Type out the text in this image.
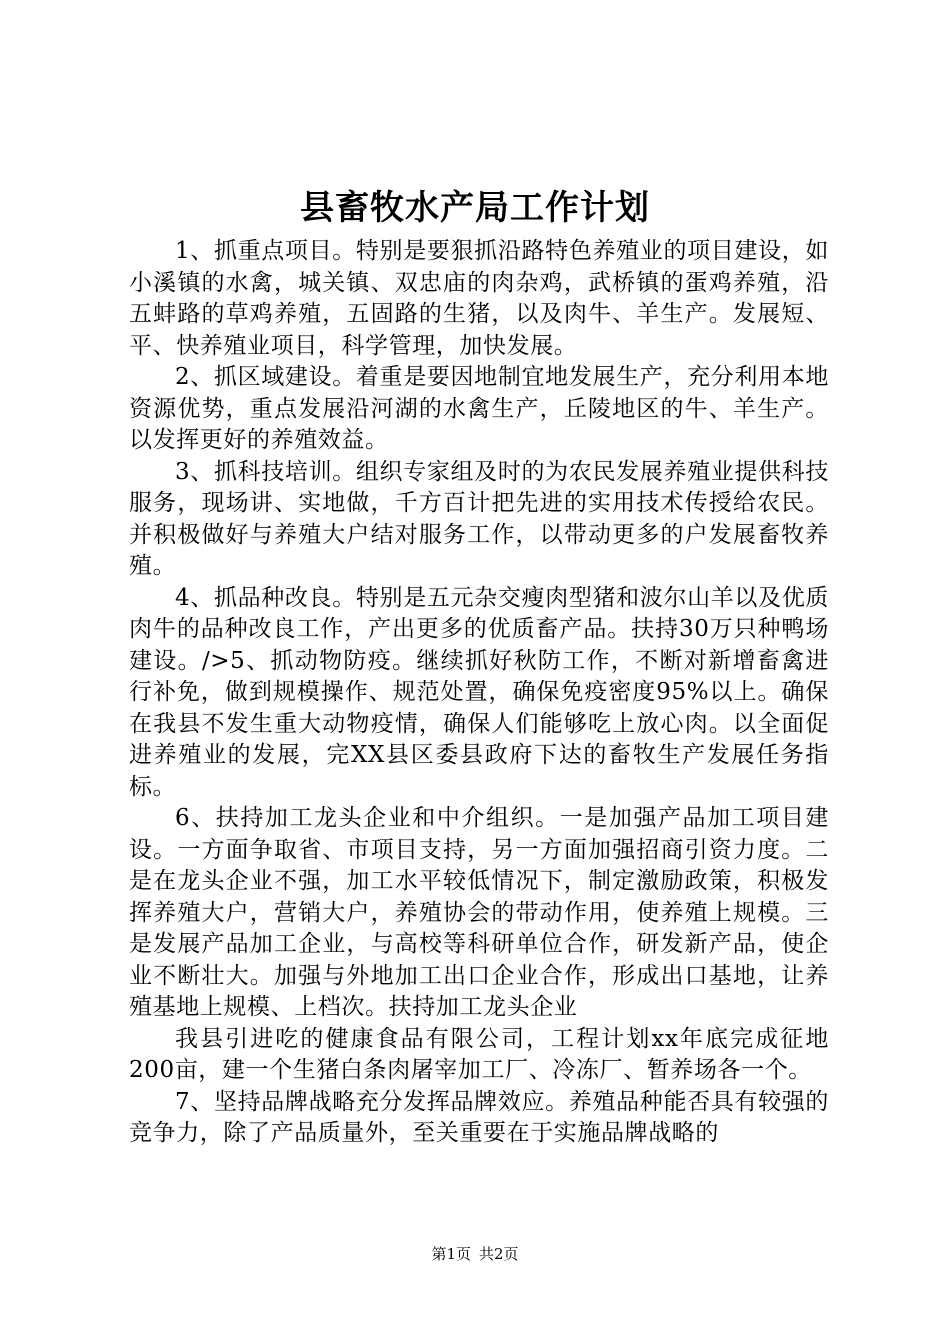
县畜牧水产局工作计划

1、抓重点项目。特别是要狠抓沿路特色养殖业的项目建设，如小溪镇的水禽，城关镇、双忠庙的肉杂鸡，武桥镇的蛋鸡养殖，沿五蚌路的草鸡养殖，五固路的生猪，以及肉牛、羊生产。发展短、平、快养殖业项目，科学管理，加快发展。

2、抓区域建设。着重是要因地制宜地发展生产，充分利用本地资源优势，重点发展沿河湖的水禽生产，丘陵地区的牛、羊生产。以发挥更好的养殖效益。

3、抓科技培训。组织专家组及时的为农民发展养殖业提供科技服务，现场讲、实地做，千方百计把先进的实用技术传授给农民。并积极做好与养殖大户结对服务工作，以带动更多的户发展畜牧养殖。

4、抓品种改良。特别是五元杂交瘦肉型猪和波尔山羊以及优质肉牛的品种改良工作，产出更多的优质畜产品。扶持30万只种鸭场建设。/>5、抓动物防疫。继续抓好秋防工作，不断对新增畜禽进行补免，做到规模操作、规范处置，确保免疫密度95%以上。确保在我县不发生重大动物疫情，确保人们能够吃上放心肉。以全面促进养殖业的发展，完XX县区委县政府下达的畜牧生产发展任务指标。

6、扶持加工龙头企业和中介组织。一是加强产品加工项目建设。一方面争取省、市项目支持，另一方面加强招商引资力度。二是在龙头企业不强，加工水平较低情况下，制定激励政策，积极发挥养殖大户，营销大户，养殖协会的带动作用，使养殖上规模。三是发展产品加工企业，与高校等科研单位合作，研发新产品，使企业不断壮大。加强与外地加工出口企业合作，形成出口基地，让养殖基地上规模、上档次。扶持加工龙头企业

我县引进吃的健康食品有限公司，工程计划xx年底完成征地200亩，建一个生猪白条肉屠宰加工厂、冷冻厂、暂养场各一个。

7、坚持品牌战略充分发挥品牌效应。养殖品种能否具有较强的竞争力，除了产品质量外，至关重要在于实施品牌战略的

第1页 共2页
